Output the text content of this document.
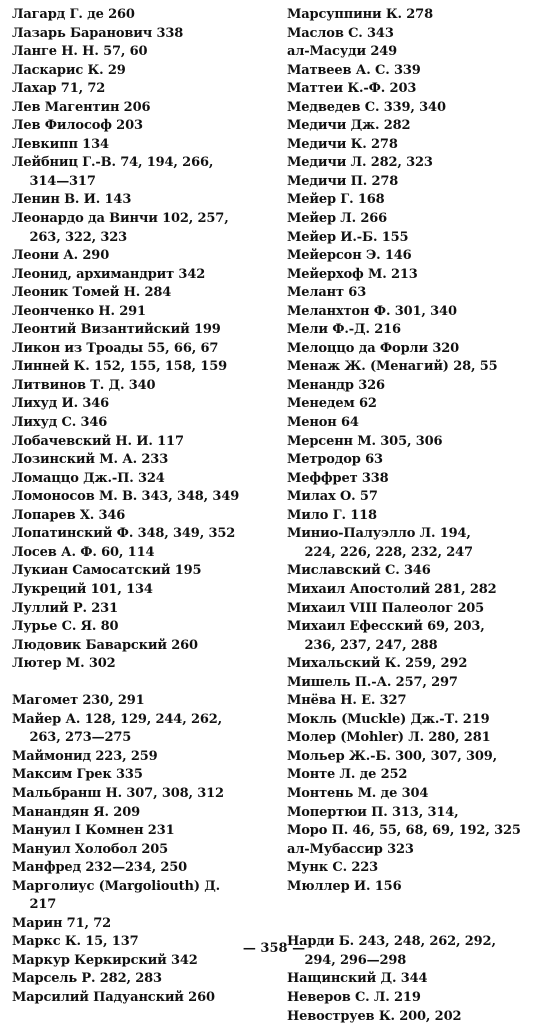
Лагард Г. де 260
Лазарь Баранович 338
Ланге Н. Н. 57, 60
Ласкарис К. 29
Лахар 71, 72
Лев Магентин 206
Лев Философ 203
Левкипп 134
Лейбниц Г.-В. 74, 194, 266,
314—317
Ленин В. И. 143
Леонардо да Винчи 102, 257,
263, 322, 323
Леони А. 290
Леонид, архимандрит 342
Леоник Томей Н. 284
Леонченко Н. 291
Леонтий Византийский 199
Ликон из Троады 55, 66, 67
Линней К. 152, 155, 158, 159
Литвинов Т. Д. 340
Лихуд И. 346
Лихуд С. 346
Лобачевский Н. И. 117
Лозинский М. А. 233
Ломаццо Дж.-П. 324
Ломоносов М. В. 343, 348, 349
Лопарев Х. 346
Лопатинский Ф. 348, 349, 352
Лосев А. Ф. 60, 114
Лукиан Самосатский 195
Лукреций 101, 134
Луллий Р. 231
Лурье С. Я. 80
Людовик Баварский 260
Лютер М. 302
Магомет 230, 291
Майер А. 128, 129, 244, 262,
263, 273—275
Маймонид 223, 259
Максим Грек 335
Мальбранш Н. 307, 308, 312
Манандян Я. 209
Мануил I Комнен 231
Мануил Холобол 205
Манфред 232—234, 250
Марголиус (Margoliouth) Д.
217
Марин 71, 72
Маркс К. 15, 137
Маркур Керкирский 342
Марсель Р. 282, 283
Марсилий Падуанский 260
Марсуппини К. 278
Маслов С. 343
ал-Масуди 249
Матвеев А. С. 339
Маттеи К.-Ф. 203
Медведев С. 339, 340
Медичи Дж. 282
Медичи К. 278
Медичи Л. 282, 323
Медичи П. 278
Мейер Г. 168
Мейер Л. 266
Мейер И.-Б. 155
Мейерсон Э. 146
Мейерхоф М. 213
Мелант 63
Меланхтон Ф. 301, 340
Мели Ф.-Д. 216
Мелоццо да Форли 320
Менаж Ж. (Менагий) 28, 55
Менандр 326
Менедем 62
Менон 64
Мерсенн М. 305, 306
Метродор 63
Меффрет 338
Милах О. 57
Мило Г. 118
Минио-Палуэлло Л. 194,
224, 226, 228, 232, 247
Миславский С. 346
Михаил Апостолий 281, 282
Михаил VIII Палеолог 205
Михаил Ефесский 69, 203,
236, 237, 247, 288
Михальский К. 259, 292
Мишель П.-А. 257, 297
Мнёва Н. Е. 327
Мокль (Muckle) Дж.-Т. 219
Молер (Mohler) Л. 280, 281
Мольер Ж.-Б. 300, 307, 309,
Монте Л. де 252
Монтень М. де 304
Мопертюи П. 313, 314,
Моро П. 46, 55, 68, 69, 192, 325
ал-Мубассир 323
Мунк С. 223
Мюллер И. 156
Нарди Б. 243, 248, 262, 292,
294, 296—298
Нащинский Д. 344
Неверов С. Л. 219
Невоструев К. 200, 202
— 358 —
